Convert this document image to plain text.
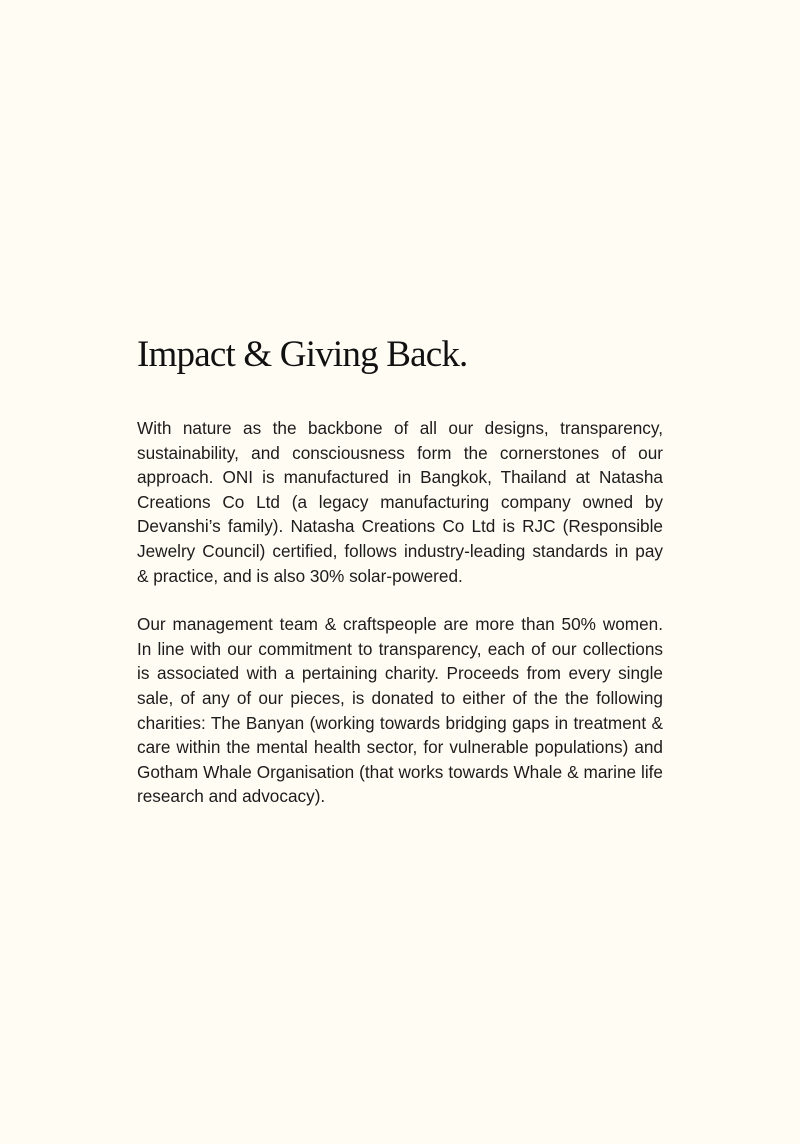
Impact & Giving Back.

With nature as the backbone of all our designs, transparency, sustainability, and consciousness form the cornerstones of our approach. ONI is manufactured in Bangkok, Thailand at Natasha Creations Co Ltd (a legacy manufacturing company owned by Devanshi’s family). Natasha Creations Co Ltd is RJC (Responsible Jewelry Council) certified, follows industry-leading standards in pay & practice, and is also 30% solar-powered.

Our management team & craftspeople are more than 50% women. In line with our commitment to transparency, each of our collections is associated with a pertaining charity. Proceeds from every single sale, of any of our pieces, is donated to either of the the following charities: The Banyan (working towards bridging gaps in treatment & care within the mental health sector, for vulnerable populations) and Gotham Whale Organisation (that works towards Whale & marine life research and advocacy).
